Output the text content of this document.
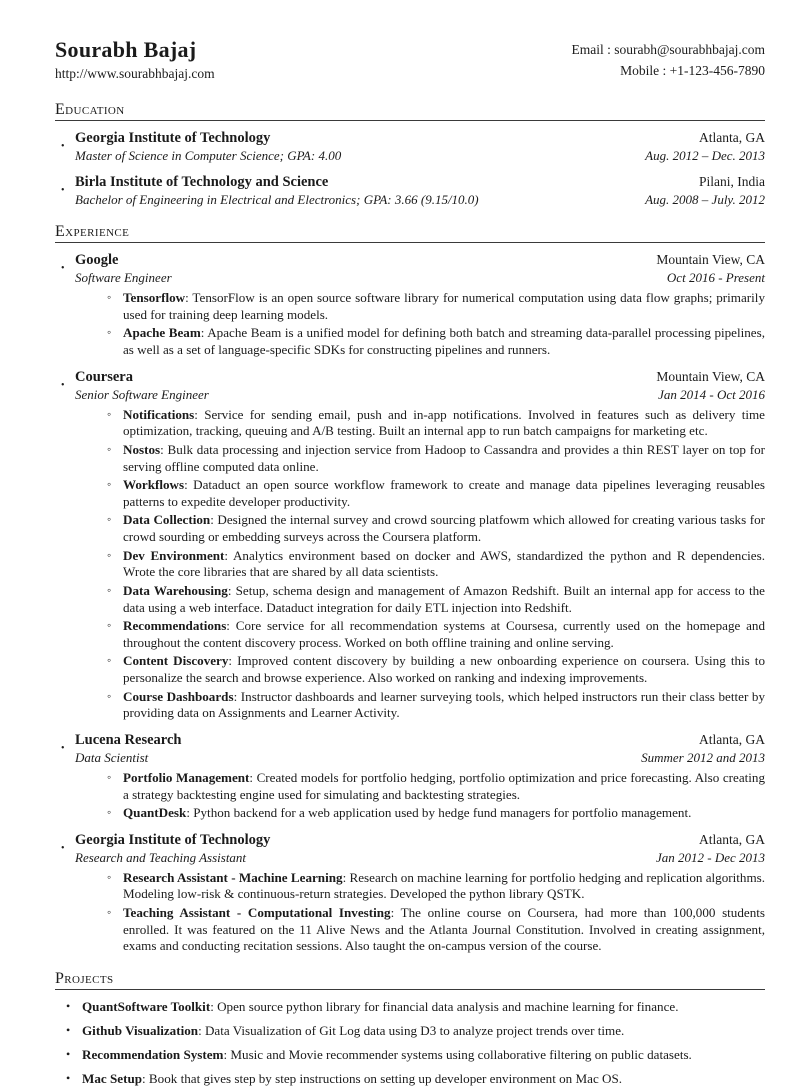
Sourabh Bajaj
http://www.sourabhbajaj.com
Email : sourabh@sourabhbajaj.com
Mobile : +1-123-456-7890
Education
•
Georgia Institute of Technology	Atlanta, GA
Master of Science in Computer Science; GPA: 4.00	Aug. 2012 – Dec. 2013
•
Birla Institute of Technology and Science	Pilani, India
Bachelor of Engineering in Electrical and Electronics; GPA: 3.66 (9.15/10.0)	Aug. 2008 – July. 2012
Experience
•
Google	Mountain View, CA
Software Engineer	Oct 2016 - Present
◦ Tensorflow: TensorFlow is an open source software library for numerical computation using data flow graphs; primarily used for training deep learning models.
◦ Apache Beam: Apache Beam is a unified model for defining both batch and streaming data-parallel processing pipelines, as well as a set of language-specific SDKs for constructing pipelines and runners.
•
Coursera	Mountain View, CA
Senior Software Engineer	Jan 2014 - Oct 2016
◦ Notifications: Service for sending email, push and in-app notifications. Involved in features such as delivery time optimization, tracking, queuing and A/B testing. Built an internal app to run batch campaigns for marketing etc.
◦ Nostos: Bulk data processing and injection service from Hadoop to Cassandra and provides a thin REST layer on top for serving offline computed data online.
◦ Workflows: Dataduct an open source workflow framework to create and manage data pipelines leveraging reusables patterns to expedite developer productivity.
◦ Data Collection: Designed the internal survey and crowd sourcing platfowm which allowed for creating various tasks for crowd sourding or embedding surveys across the Coursera platform.
◦ Dev Environment: Analytics environment based on docker and AWS, standardized the python and R dependencies. Wrote the core libraries that are shared by all data scientists.
◦ Data Warehousing: Setup, schema design and management of Amazon Redshift. Built an internal app for access to the data using a web interface. Dataduct integration for daily ETL injection into Redshift.
◦ Recommendations: Core service for all recommendation systems at Coursesa, currently used on the homepage and throughout the content discovery process. Worked on both offline training and online serving.
◦ Content Discovery: Improved content discovery by building a new onboarding experience on coursera. Using this to personalize the search and browse experience. Also worked on ranking and indexing improvements.
◦ Course Dashboards: Instructor dashboards and learner surveying tools, which helped instructors run their class better by providing data on Assignments and Learner Activity.
•
Lucena Research	Atlanta, GA
Data Scientist	Summer 2012 and 2013
◦ Portfolio Management: Created models for portfolio hedging, portfolio optimization and price forecasting. Also creating a strategy backtesting engine used for simulating and backtesting strategies.
◦ QuantDesk: Python backend for a web application used by hedge fund managers for portfolio management.
•
Georgia Institute of Technology	Atlanta, GA
Research and Teaching Assistant	Jan 2012 - Dec 2013
◦ Research Assistant - Machine Learning: Research on machine learning for portfolio hedging and replication algorithms. Modeling low-risk & continuous-return strategies. Developed the python library QSTK.
◦ Teaching Assistant - Computational Investing: The online course on Coursera, had more than 100,000 students enrolled. It was featured on the 11 Alive News and the Atlanta Journal Constitution. Involved in creating assignment, exams and conducting recitation sessions. Also taught the on-campus version of the course.
Projects
• QuantSoftware Toolkit: Open source python library for financial data analysis and machine learning for finance.
• Github Visualization: Data Visualization of Git Log data using D3 to analyze project trends over time.
• Recommendation System: Music and Movie recommender systems using collaborative filtering on public datasets.
• Mac Setup: Book that gives step by step instructions on setting up developer environment on Mac OS.
